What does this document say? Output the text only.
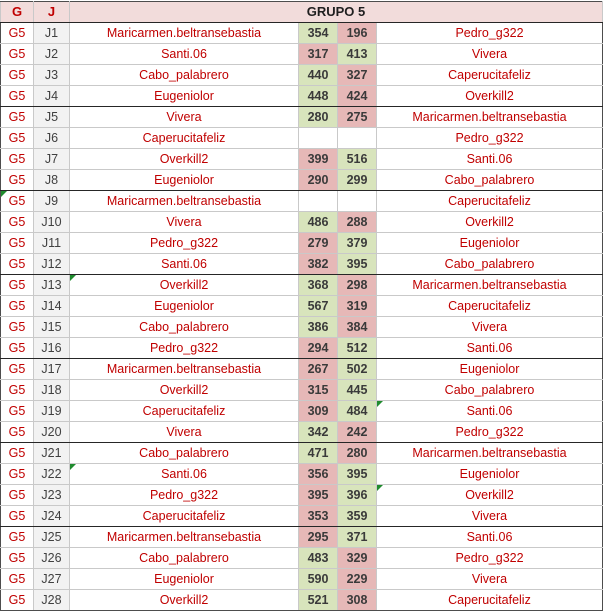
G	J	GRUPO 5			
G5	J1	Maricarmen.beltransebastia	354	196	Pedro_g322
G5	J2	Santi.06	317	413	Vivera
G5	J3	Cabo_palabrero	440	327	Caperucitafeliz
G5	J4	Eugeniolor	448	424	Overkill2
G5	J5	Vivera	280	275	Maricarmen.beltransebastia
G5	J6	Caperucitafeliz			Pedro_g322
G5	J7	Overkill2	399	516	Santi.06
G5	J8	Eugeniolor	290	299	Cabo_palabrero
G5	J9	Maricarmen.beltransebastia			Caperucitafeliz
G5	J10	Vivera	486	288	Overkill2
G5	J11	Pedro_g322	279	379	Eugeniolor
G5	J12	Santi.06	382	395	Cabo_palabrero
G5	J13	Overkill2	368	298	Maricarmen.beltransebastia
G5	J14	Eugeniolor	567	319	Caperucitafeliz
G5	J15	Cabo_palabrero	386	384	Vivera
G5	J16	Pedro_g322	294	512	Santi.06
G5	J17	Maricarmen.beltransebastia	267	502	Eugeniolor
G5	J18	Overkill2	315	445	Cabo_palabrero
G5	J19	Caperucitafeliz	309	484	Santi.06

G5	J20	Vivera	342	242	Pedro_g322
G5	J21	Cabo_palabrero	471	280	Maricarmen.beltransebastia
G5	J22	Santi.06	356	395	Eugeniolor
G5	J23	Pedro_g322	395	396	Overkill2

G5	J24	Caperucitafeliz	353	359	Vivera
G5	J25	Maricarmen.beltransebastia	295	371	Santi.06
G5	J26	Cabo_palabrero	483	329	Pedro_g322
G5	J27	Eugeniolor	590	229	Vivera
G5	J28	Overkill2	521	308	Caperucitafeliz
